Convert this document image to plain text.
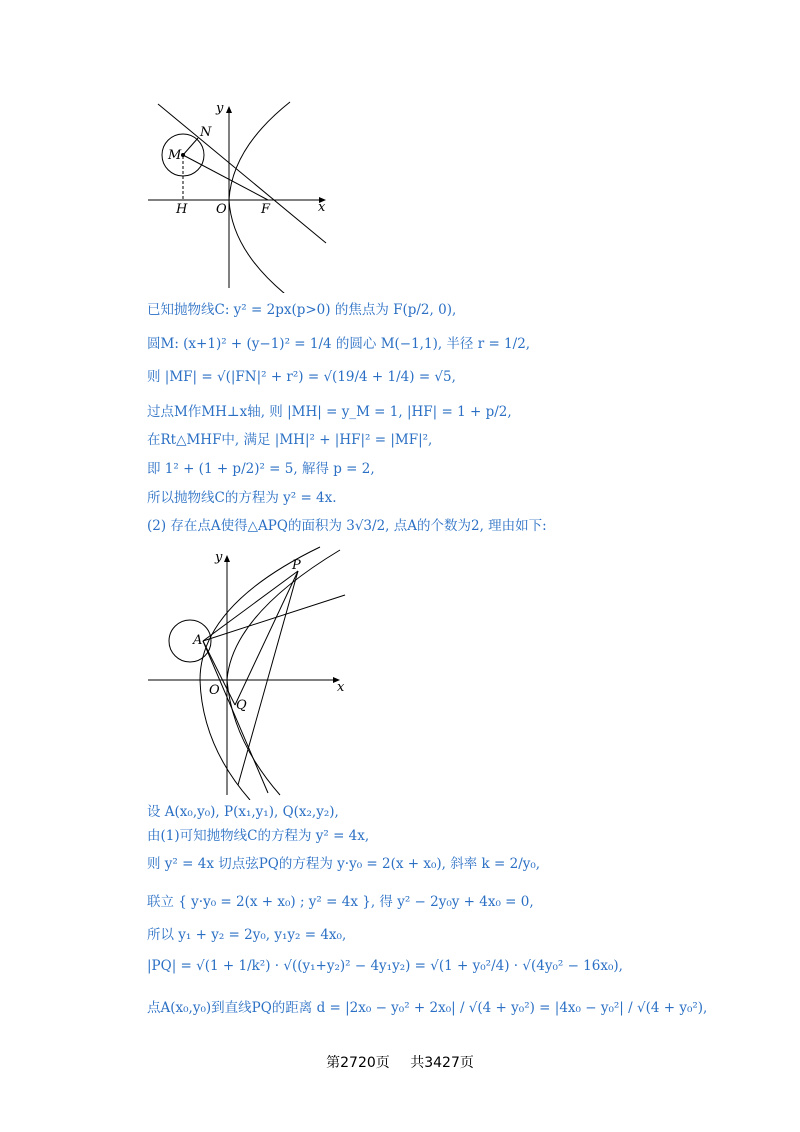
y
N
M
H O	F	x
已知抛物线C: y² = 2px(p>0) 的焦点为 F(p/2, 0),
圆M: (x+1)² + (y−1)² = 1/4 的圆心 M(−1,1), 半径 r = 1/2,
则 |MF| = √(|FN|² + r²) = √(19/4 + 1/4) = √5,
过点M作MH⊥x轴, 则 |MH| = y_M = 1, |HF| = 1 + p/2,
在Rt△MHF中, 满足 |MH|² + |HF|² = |MF|²,
即 1² + (1 + p/2)² = 5, 解得 p = 2,
所以抛物线C的方程为 y² = 4x.
(2) 存在点A使得△APQ的面积为 3√3/2, 点A的个数为2, 理由如下:
y
P
A
O
Q
x
设 A(x₀,y₀), P(x₁,y₁), Q(x₂,y₂),
由(1)可知抛物线C的方程为 y² = 4x,
则 y² = 4x 切点弦PQ的方程为 y·y₀ = 2(x + x₀), 斜率 k = 2/y₀,
联立 { y·y₀ = 2(x + x₀) ; y² = 4x }, 得 y² − 2y₀y + 4x₀ = 0,
所以 y₁ + y₂ = 2y₀, y₁y₂ = 4x₀,
|PQ| = √(1 + 1/k²) · √((y₁+y₂)² − 4y₁y₂) = √(1 + y₀²/4) · √(4y₀² − 16x₀),
点A(x₀,y₀)到直线PQ的距离 d = |2x₀ − y₀² + 2x₀| / √(4 + y₀²) = |4x₀ − y₀²| / √(4 + y₀²),
第2720页 共3427页
